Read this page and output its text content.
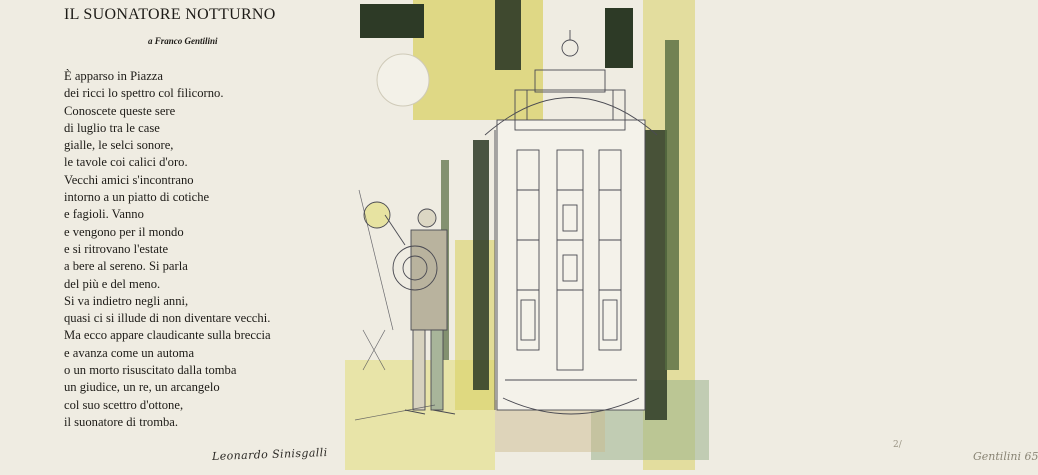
IL SUONATORE NOTTURNO
a Franco Gentilini
È apparso in Piazza
dei ricci lo spettro col filicorno.
Conoscete queste sere
di luglio tra le case
gialle, le selci sonore,
le tavole coi calici d'oro.
Vecchi amici s'incontrano
intorno a un piatto di cotiche
e fagioli. Vanno
e vengono per il mondo
e si ritrovano l'estate
a bere al sereno. Si parla
del più e del meno.
Si va indietro negli anni,
quasi ci si illude di non diventare vecchi.
Ma ecco appare claudicante sulla breccia
e avanza come un automa
o un morto risuscitato dalla tomba
un giudice, un re, un arcangelo
col suo scettro d'ottone,
il suonatore di tromba.
Leonardo Sinisgalli
2/
Gentilini 65
